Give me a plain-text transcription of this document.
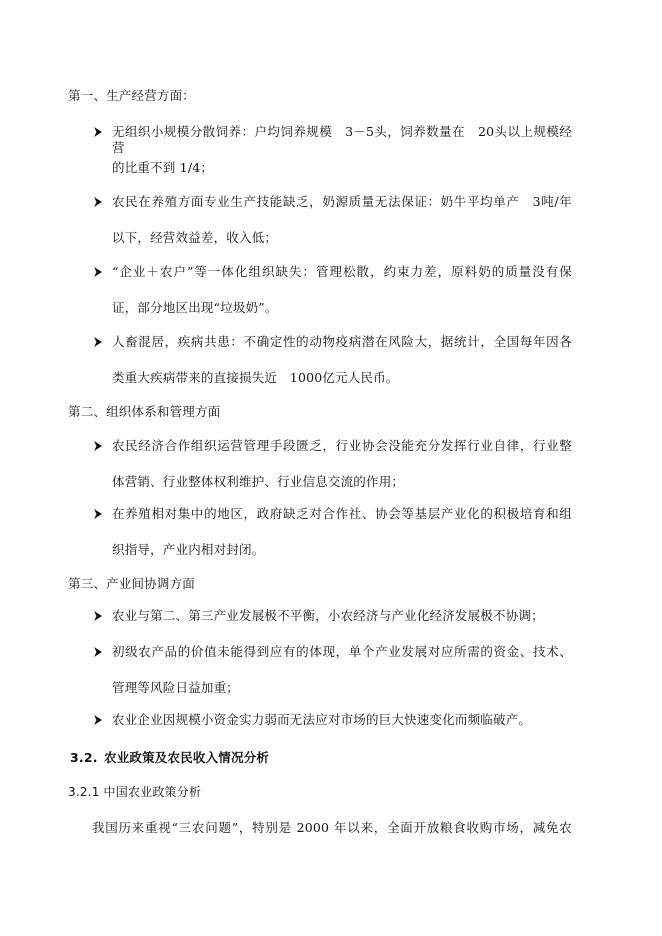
第一、生产经营方面：
无组织小规模分散饲养：户均饲养规模　3－5头，饲养数量在　20头以上规模经营
的比重不到 1/4；
农民在养殖方面专业生产技能缺乏，奶源质量无法保证：奶牛平均单产　3吨/年
以下，经营效益差，收入低；
“企业＋农户”等一体化组织缺失：管理松散，约束力差，原料奶的质量没有保
证，部分地区出现“垃圾奶”。
人畜混居，疾病共患：不确定性的动物疫病潜在风险大，据统计，全国每年因各
类重大疾病带来的直接损失近　1000亿元人民币。
第二、组织体系和管理方面
农民经济合作组织运营管理手段匮乏，行业协会没能充分发挥行业自律，行业整
体营销、行业整体权利维护、行业信息交流的作用；
在养殖相对集中的地区，政府缺乏对合作社、协会等基层产业化的积极培育和组
织指导，产业内相对封闭。
第三、产业间协调方面
农业与第二、第三产业发展极不平衡，小农经济与产业化经济发展极不协调；
初级农产品的价值未能得到应有的体现，单个产业发展对应所需的资金、技术、
管理等风险日益加重；
农业企业因规模小资金实力弱而无法应对市场的巨大快速变化而频临破产。
3.2. 农业政策及农民收入情况分析
3.2.1 中国农业政策分析
我国历来重视“三农问题”，特别是 2000 年以来，全面开放粮食收购市场，减免农
